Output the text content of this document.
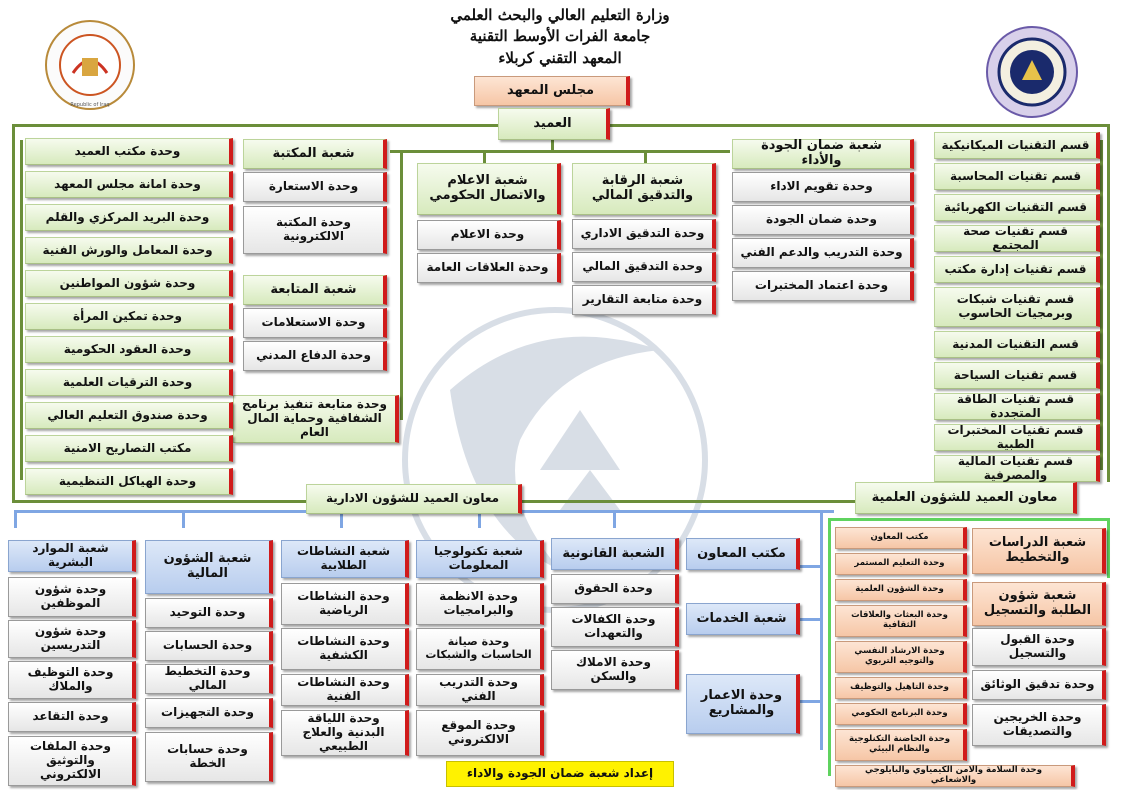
وزارة التعليم العالي والبحث العلمي
جامعة الفرات الأوسط التقنية
المعهد التقني كربلاء
Republic of Iraq
مجلس المعهد
العميد
قسم التقنيات الميكانيكية
قسم تقنيات المحاسبة
قسم التقنيات الكهربائية
قسم تقنيات صحة المجتمع
قسم تقنيات إدارة مكتب
قسم تقنيات شبكات وبرمجيات الحاسوب
قسم التقنيات المدنية
قسم تقنيات السياحة
قسم تقنيات الطاقة المتجددة
قسم تقنيات المختبرات الطبية
قسم تقنيات المالية والمصرفية
شعبة ضمان الجودة والأداء
وحدة تقويم الاداء
وحدة ضمان الجودة
وحدة التدريب والدعم الفني
وحدة اعتماد المختبرات
شعبة الرقابة والتدقيق المالي
وحدة التدقيق الاداري
وحدة التدقيق المالي
وحدة متابعة التقارير
شعبة الاعلام والاتصال الحكومي
وحدة الاعلام
وحدة العلاقات العامة
شعبة المكتبة
وحدة الاستعارة
وحدة المكتبة الالكترونية
شعبة المتابعة
وحدة الاستعلامات
وحدة الدفاع المدني
وحدة متابعة تنفيذ برنامج الشفافية وحماية المال العام
وحدة مكتب العميد
وحدة امانة مجلس المعهد
وحدة البريد المركزي والقلم
وحدة المعامل والورش الفنية
وحدة شؤون المواطنين
وحدة تمكين المرأة
وحدة العقود الحكومية
وحدة الترقيات العلمية
وحدة صندوق التعليم العالي
مكتب التصاريح الامنية
وحدة الهياكل التنظيمية
معاون العميد للشؤون الادارية	معاون العميد للشؤون العلمية
شعبة الموارد البشرية
وحدة شؤون الموظفين
وحدة شؤون التدريسين
وحدة التوظيف والملاك
وحدة التقاعد
وحدة الملفات والتوثيق الالكتروني
شعبة الشؤون المالية
وحدة التوحيد
وحدة الحسابات
وحدة التخطيط المالي
وحدة التجهيزات
وحدة حسابات الخطة
شعبة النشاطات الطلابية
وحدة النشاطات الرياضية
وحدة النشاطات الكشفية
وحدة النشاطات الفنية
وحدة اللياقة البدنية والعلاج الطبيعي
شعبة تكنولوجيا المعلومات
وحدة الانظمة والبرامجيات
وحدة صيانة الحاسبات والشبكات
وحدة التدريب الفني
وحدة الموقع الالكتروني
الشعبة القانونية
وحدة الحقوق
وحدة الكفالات والتعهدات
وحدة الاملاك والسكن
مكتب المعاون
شعبة الخدمات
وحدة الاعمار والمشاريع
مكتب المعاون
وحدة التعليم المستمر
وحدة الشؤون العلمية
وحدة البعثات والعلاقات الثقافية
وحدة الارشاد النفسي والتوجيه التربوي
وحدة التاهيل والتوظيف
وحدة البرنامج الحكومي
وحدة الحاضنة التكنلوجية والنظام البيئي
وحدة السلامة والامن الكيمياوي والبايلوجي والاشعاعي
شعبة الدراسات والتخطيط
شعبة شؤون الطلبة والتسجيل
وحدة القبول والتسجيل
وحدة تدقيق الوثائق
وحدة الخريجين والتصديقات
إعداد شعبة ضمان الجودة والاداء
